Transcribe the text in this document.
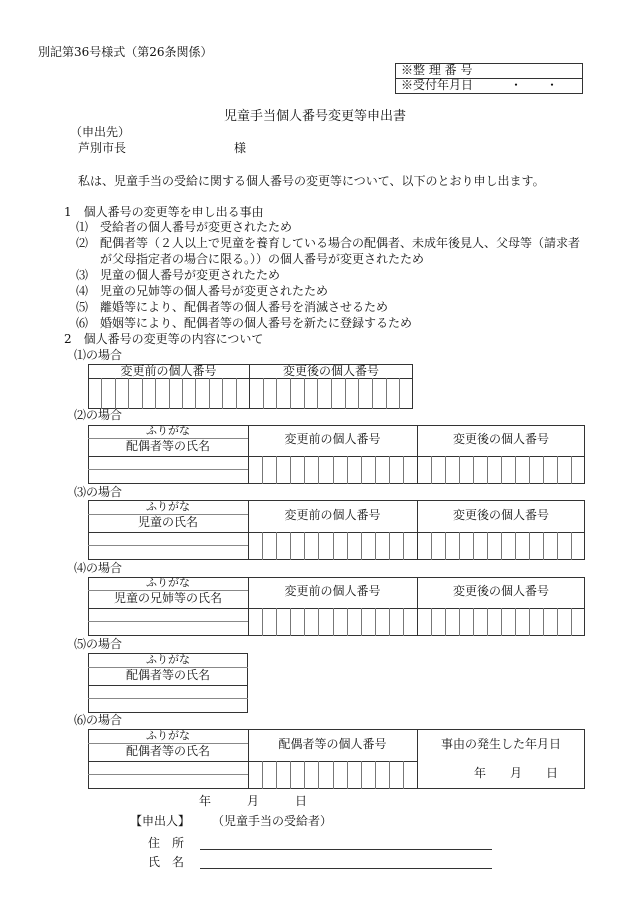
別記第36号様式（第26条関係）
※整 理 番 号
※受付年月日	・　　・
児童手当個人番号変更等申出書
（申出先）
芦別市長	様
私は、児童手当の受給に関する個人番号の変更等について、以下のとおり申し出ます。
1　個人番号の変更等を申し出る事由
⑴ 受給者の個人番号が変更されたため
⑵ 配偶者等（２人以上で児童を養育している場合の配偶者、未成年後見人、父母等（請求者
が父母指定者の場合に限る。））の個人番号が変更されたため
⑶ 児童の個人番号が変更されたため
⑷ 児童の兄姉等の個人番号が変更されたため
⑸ 離婚等により、配偶者等の個人番号を消滅させるため
⑹ 婚姻等により、配偶者等の個人番号を新たに登録するため
2　個人番号の変更等の内容について
⑴の場合
変更前の個人番号	変更後の個人番号
⑵の場合
ふりがな
配偶者等の氏名	変更前の個人番号	変更後の個人番号
⑶の場合
ふりがな
児童の氏名	変更前の個人番号	変更後の個人番号
⑷の場合
ふりがな
児童の兄姉等の氏名	変更前の個人番号	変更後の個人番号
⑸の場合
ふりがな
配偶者等の氏名
⑹の場合
ふりがな
配偶者等の氏名	配偶者等の個人番号	事由の発生した年月日
年　　月　　日
年　　　月　　　日
【申出人】 （児童手当の受給者）
住　所
氏　名
